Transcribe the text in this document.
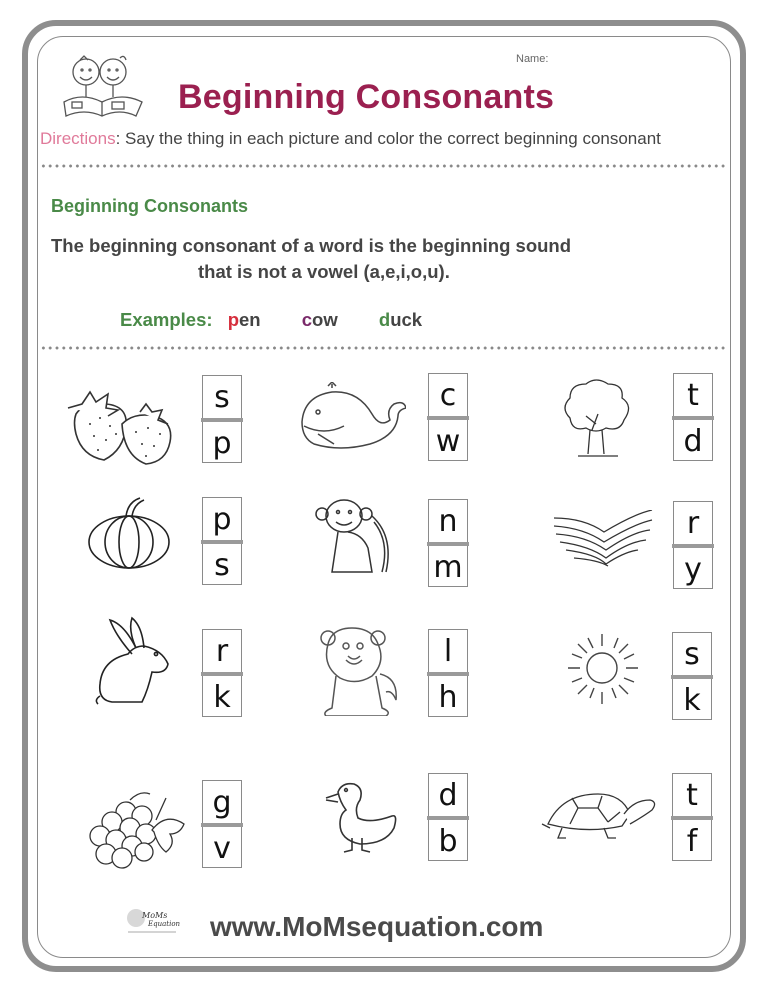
Name:
Beginning Consonants
Directions: Say the thing in each picture and color the correct beginning consonant
Beginning Consonants
The beginning consonant of a word is the beginning sound
that is not a vowel (a,e,i,o,u).
Examples: pen cow duck
s
p
c
w
t
d
p
s
n
m
r
y
r
k
l
h
s
k
g
v
d
b
t
f
MoMs
Equation www.MoMsequation.com
